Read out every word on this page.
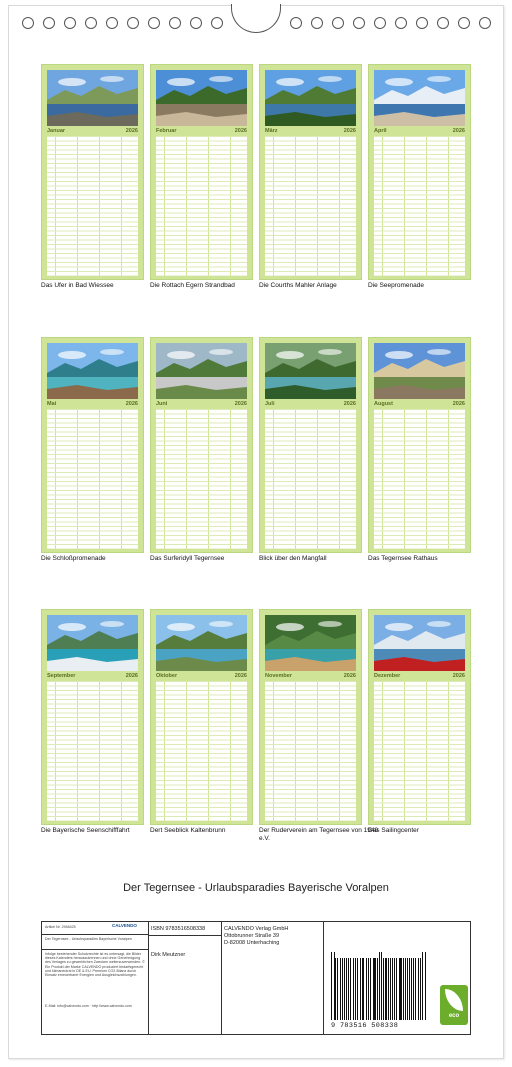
Januar	2026
Das Ufer in Bad Wiessee
Februar	2026
Die Rottach Egern Strandbad
März	2026
Die Courths Mahler Anlage
April	2026
Die Seepromenade
Mai	2026
Die Schloßpromenade
Juni	2026
Das Surferidyll Tegernsee
Juli	2026
Blick über den Mangfall
August	2026
Das Tegernsee Rathaus
September	2026
Die Bayerische Seenschifffahrt
Oktober	2026
Dert Seeblick Kaltenbrunn
November	2026
Der Ruderverein am Tegernsee von 1949 e.V.
Dezember	2026
Das Sailingcenter
Der Tegernsee - Urlaubsparadies Bayerische Voralpen
Artikel Nr. 2946425	CALVENDO
Der Tegernsee - Urlaubsparadies Bayerische Voralpen
Infolge bestehender Schutzrechte ist es untersagt, die Bilder dieses Kalenders herauszutrennen und ohne Genehmigung des Verlages zu gewerblichen Zwecken weiterzuverwenden. © Ein Produkt der Marke CALVENDO produziert bedarfsgerecht und klimaneutral in DE & EU. Premium CO2-Bilanz durch Einsatz erneuerbarer Energien und Ausgleichszahlungen.
E-Mail: info@calvendo.com · http://www.calvendo.com
ISBN 9783516508338
Dirk Meutzner
CALVENDO Verlag GmbH
Ottobrunner Straße 39
D-82008 Unterhaching
9 783516 508338
eco
